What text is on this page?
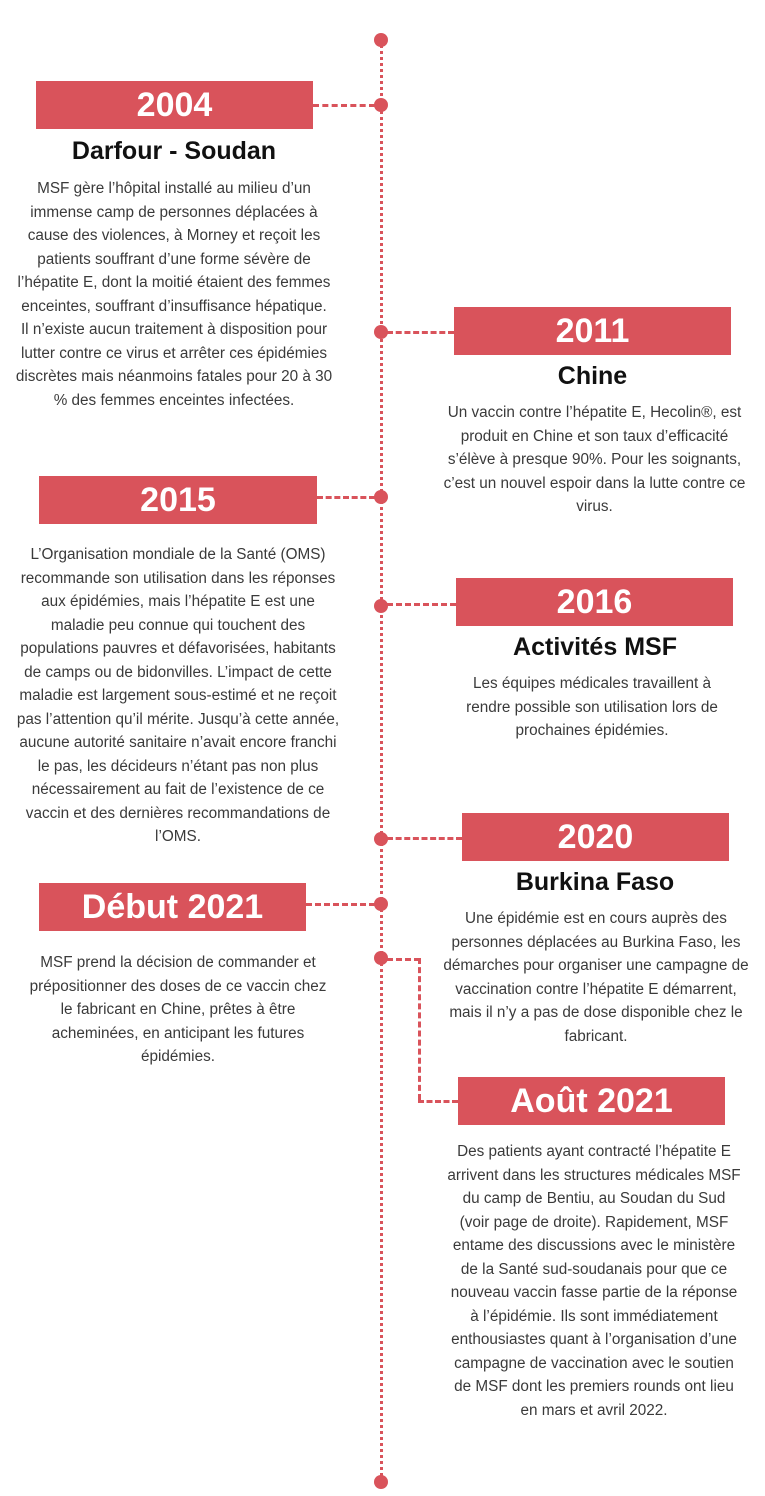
2004
Darfour - Soudan
MSF gère l’hôpital installé au milieu d’un immense camp de personnes déplacées à cause des violences, à Morney et reçoit les patients souffrant d’une forme sévère de l’hépatite E, dont la moitié étaient des femmes enceintes, souffrant d’insuffisance hépatique.
Il n’existe aucun traitement à disposition pour lutter contre ce virus et arrêter ces épidémies discrètes mais néanmoins fatales pour 20 à 30 % des femmes enceintes infectées.
2011
Chine
Un vaccin contre l’hépatite E, Hecolin®, est produit en Chine et son taux d’efficacité s’élève à presque 90%. Pour les soignants, c’est un nouvel espoir dans la lutte contre ce virus.
2015
L’Organisation mondiale de la Santé (OMS) recommande son utilisation dans les réponses aux épidémies, mais l’hépatite E est une maladie peu connue qui touchent des populations pauvres et défavorisées, habitants de camps ou de bidonvilles. L’impact de cette maladie est largement sous-estimé et ne reçoit pas l’attention qu’il mérite. Jusqu’à cette année, aucune autorité sanitaire n’avait encore franchi le pas, les décideurs n’étant pas non plus nécessairement au fait de l’existence de ce vaccin et des dernières recommandations de l’OMS.
2016
Activités MSF
Les équipes médicales travaillent à rendre possible son utilisation lors de prochaines épidémies.
2020
Burkina Faso
Une épidémie est en cours auprès des personnes déplacées au Burkina Faso, les démarches pour organiser une campagne de vaccination contre l’hépatite E démarrent, mais il n’y a pas de dose disponible chez le fabricant.
Début 2021
MSF prend la décision de commander et prépositionner des doses de ce vaccin chez le fabricant en Chine, prêtes à être acheminées, en anticipant les futures épidémies.
Août 2021
Des patients ayant contracté l’hépatite E arrivent dans les structures médicales MSF du camp de Bentiu, au Soudan du Sud (voir page de droite). Rapidement, MSF entame des discussions avec le ministère de la Santé sud-soudanais pour que ce nouveau vaccin fasse partie de la réponse à l’épidémie. Ils sont immédiatement enthousiastes quant à l’organisation d’une campagne de vaccination avec le soutien de MSF dont les premiers rounds ont lieu en mars et avril 2022.
